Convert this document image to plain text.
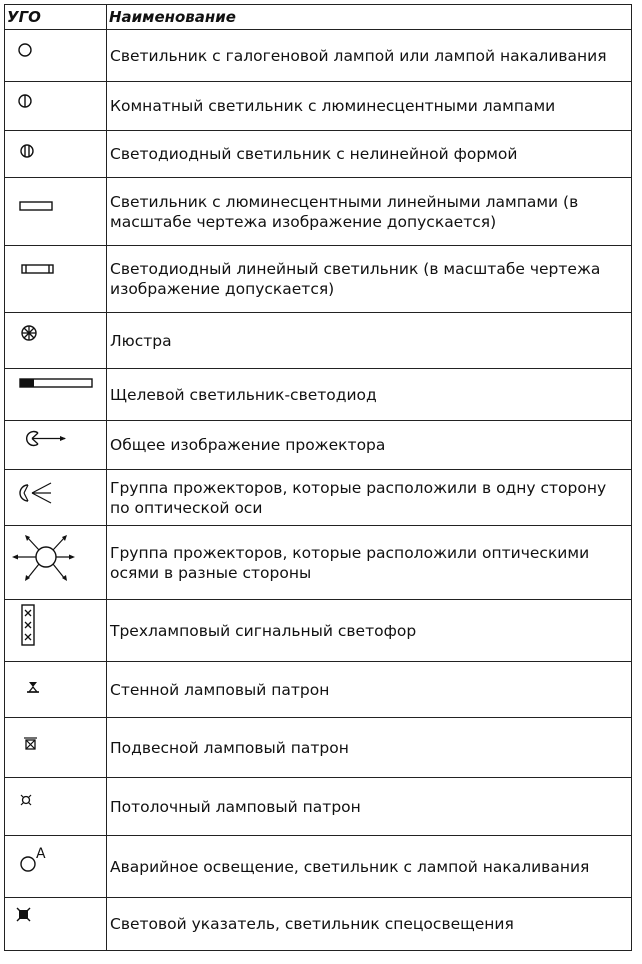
УГО	Наименование

	Светильник с галогеновой лампой или лампой накаливания

	Комнатный светильник с люминесцентными лампами

	Светодиодный светильник с нелинейной формой

	Светильник с люминесцентными линейными лампами (в масштабе чертежа изображение допускается)

	Светодиодный линейный светильник (в масштабе чертежа изображение допускается)

	Люстра

	Щелевой светильник-светодиод

	Общее изображение прожектора

	Группа прожекторов, которые расположили в одну сторону по оптической оси

	Группа прожекторов, которые расположили оптическими осями в разные стороны

	Трехламповый сигнальный светофор

	Стенной ламповый патрон

	Подвесной ламповый патрон

	Потолочный ламповый патрон

A	Аварийное освещение, светильник с лампой накаливания

	Световой указатель, светильник спецосвещения
